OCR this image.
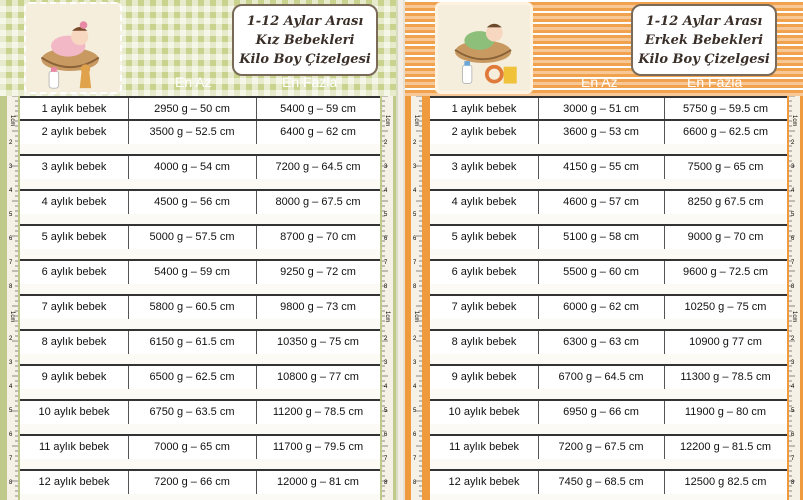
1-12 Aylar Arası
Kız Bebekleri
Kilo Boy Çizelgesi
En Az	En Fazla
1cm
2
3
4
5
6
7
8
1cm
2
3
4
5
6
7
8
1cm
2
3
4
5
6
7
8
1cm
2
3
4
5
6
7
8
1 aylık bebek	2950 g – 50 cm	5400 g – 59 cm
2 aylık bebek	3500 g – 52.5 cm	6400 g – 62 cm
3 aylık bebek	4000 g – 54 cm	7200 g – 64.5 cm
4 aylık bebek	4500 g – 56 cm	8000 g – 67.5 cm
5 aylık bebek	5000 g – 57.5 cm	8700 g – 70 cm
6 aylık bebek	5400 g – 59 cm	9250 g – 72 cm
7 aylık bebek	5800 g – 60.5 cm	9800 g – 73 cm
8 aylık bebek	6150 g – 61.5 cm	10350 g – 75 cm
9 aylık bebek	6500 g – 62.5 cm	10800 g – 77 cm
10 aylık bebek	6750 g – 63.5 cm	11200 g – 78.5 cm
11 aylık bebek	7000 g – 65 cm	11700 g – 79.5 cm
12 aylık bebek	7200 g – 66 cm	12000 g – 81 cm
1-12 Aylar Arası
Erkek Bebekleri
Kilo Boy Çizelgesi
En Az	En Fazla
1cm
2
3
4
5
6
7
8
1cm
2
3
4
5
6
7
8
1cm
2
3
4
5
6
7
8
1cm
2
3
4
5
6
7
8
1 aylık bebek	3000 g – 51 cm	5750 g – 59.5 cm
2 aylık bebek	3600 g – 53 cm	6600 g – 62.5 cm
3 aylık bebek	4150 g – 55 cm	7500 g – 65 cm
4 aylık bebek	4600 g – 57 cm	8250 g 67.5 cm
5 aylık bebek	5100 g – 58 cm	9000 g – 70 cm
6 aylık bebek	5500 g – 60 cm	9600 g – 72.5 cm
7 aylık bebek	6000 g – 62 cm	10250 g – 75 cm
8 aylık bebek	6300 g – 63 cm	10900 g 77 cm
9 aylık bebek	6700 g – 64.5 cm	11300 g – 78.5 cm
10 aylık bebek	6950 g – 66 cm	11900 g – 80 cm
11 aylık bebek	7200 g – 67.5 cm	12200 g – 81.5 cm
12 aylık bebek	7450 g – 68.5 cm	12500 g 82.5 cm
